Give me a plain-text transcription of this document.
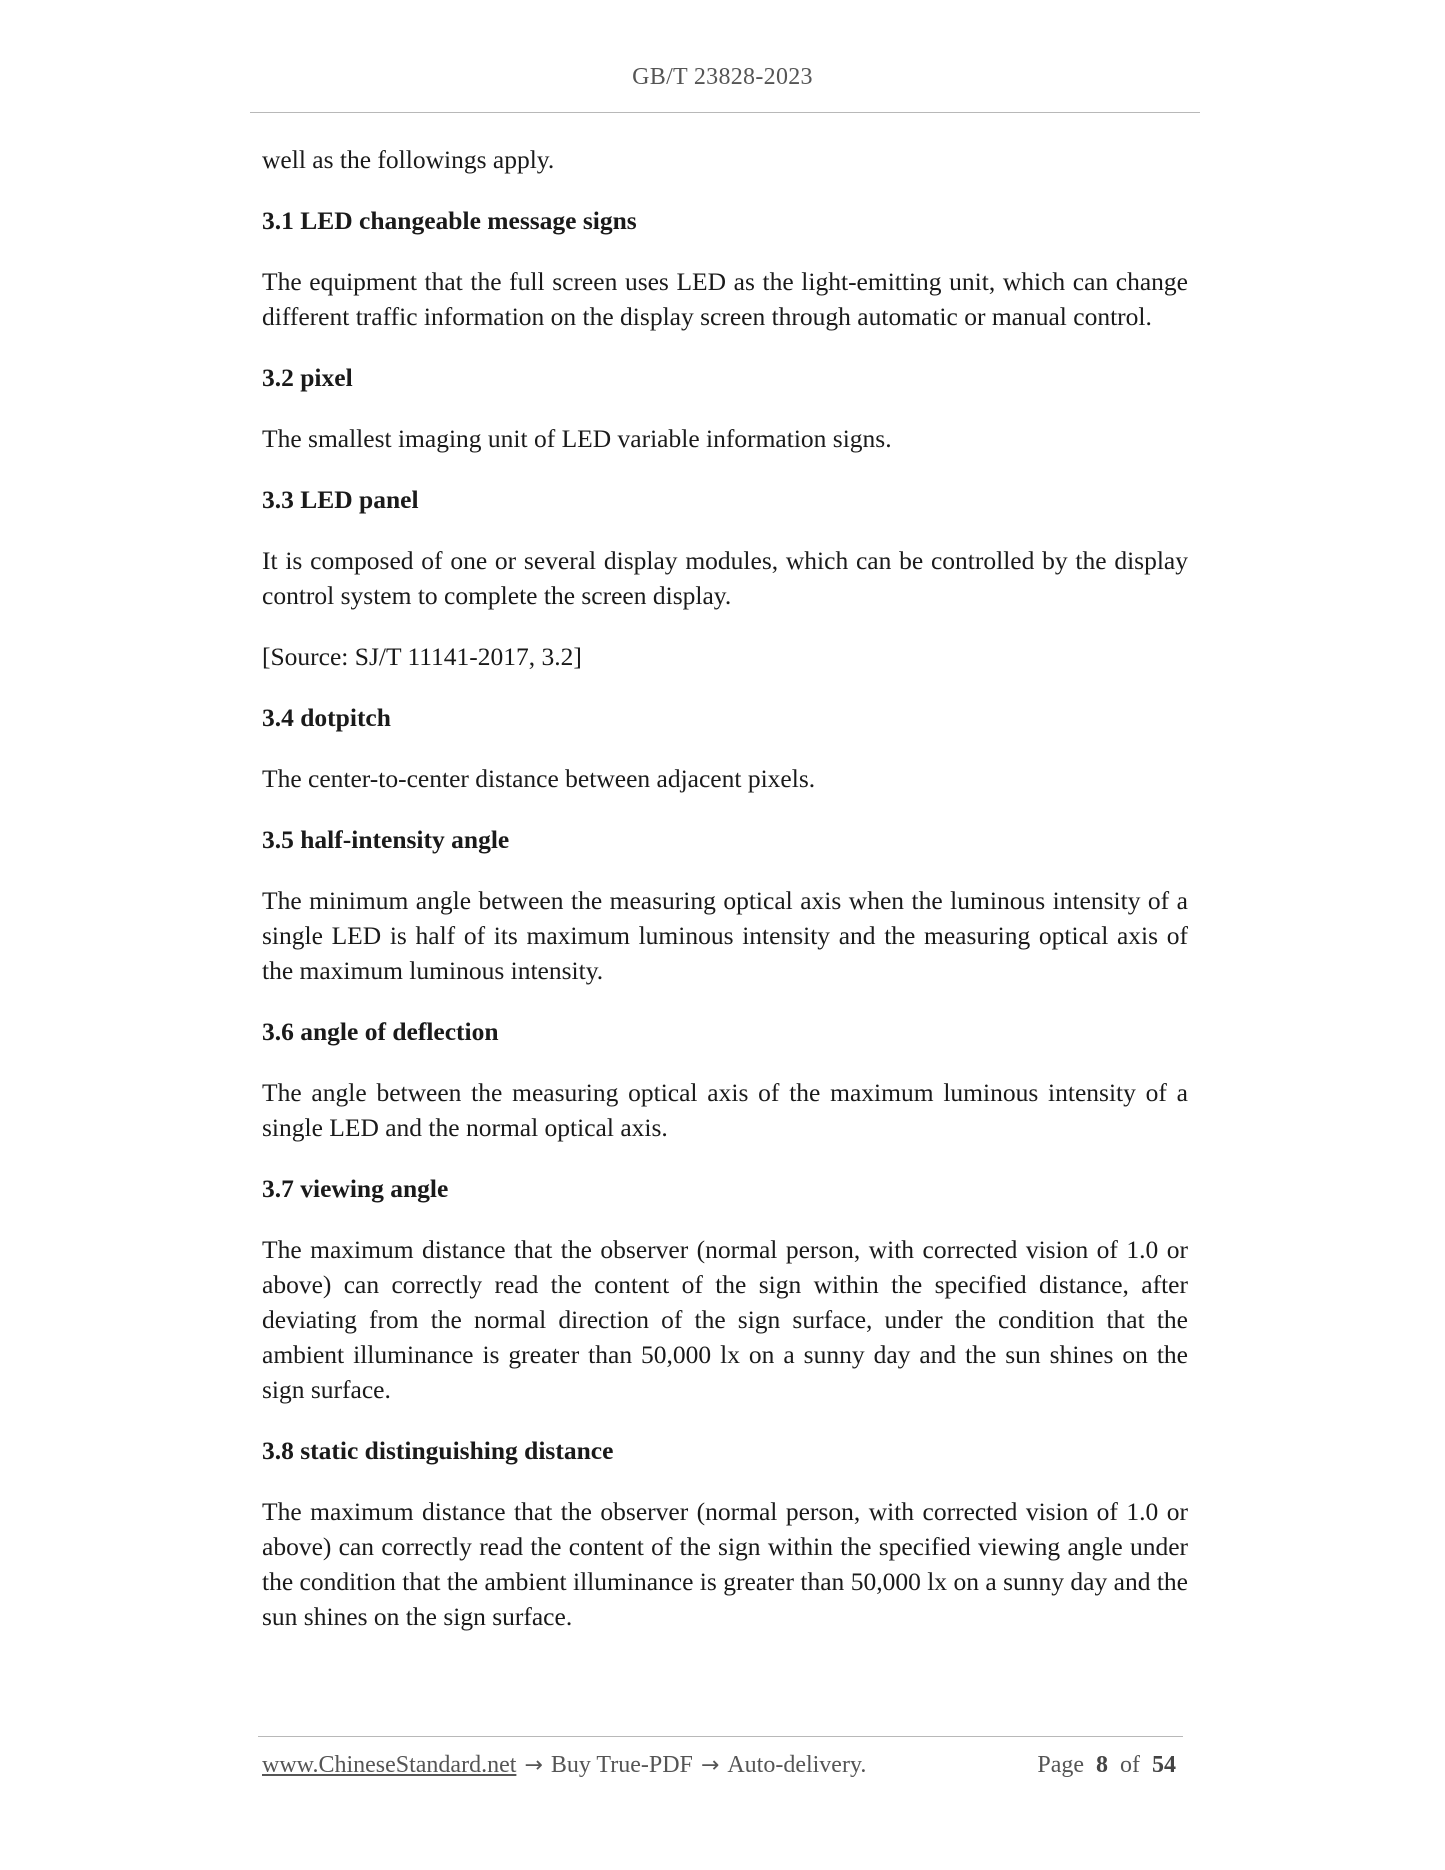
GB/T 23828-2023

well as the followings apply.

3.1 LED changeable message signs

The equipment that the full screen uses LED as the light-emitting unit, which can change different traffic information on the display screen through automatic or manual control.

3.2 pixel

The smallest imaging unit of LED variable information signs.

3.3 LED panel

It is composed of one or several display modules, which can be controlled by the display control system to complete the screen display.

[Source: SJ/T 11141-2017, 3.2]

3.4 dotpitch

The center-to-center distance between adjacent pixels.

3.5 half-intensity angle

The minimum angle between the measuring optical axis when the luminous intensity of a single LED is half of its maximum luminous intensity and the measuring optical axis of the maximum luminous intensity.

3.6 angle of deflection

The angle between the measuring optical axis of the maximum luminous intensity of a single LED and the normal optical axis.

3.7 viewing angle

The maximum distance that the observer (normal person, with corrected vision of 1.0 or above) can correctly read the content of the sign within the specified distance, after deviating from the normal direction of the sign surface, under the condition that the ambient illuminance is greater than 50,000 lx on a sunny day and the sun shines on the sign surface.

3.8 static distinguishing distance

The maximum distance that the observer (normal person, with corrected vision of 1.0 or above) can correctly read the content of the sign within the specified viewing angle under the condition that the ambient illuminance is greater than 50,000 lx on a sunny day and the sun shines on the sign surface.

www.ChineseStandard.net → Buy True-PDF → Auto-delivery.	Page 8 of 54
